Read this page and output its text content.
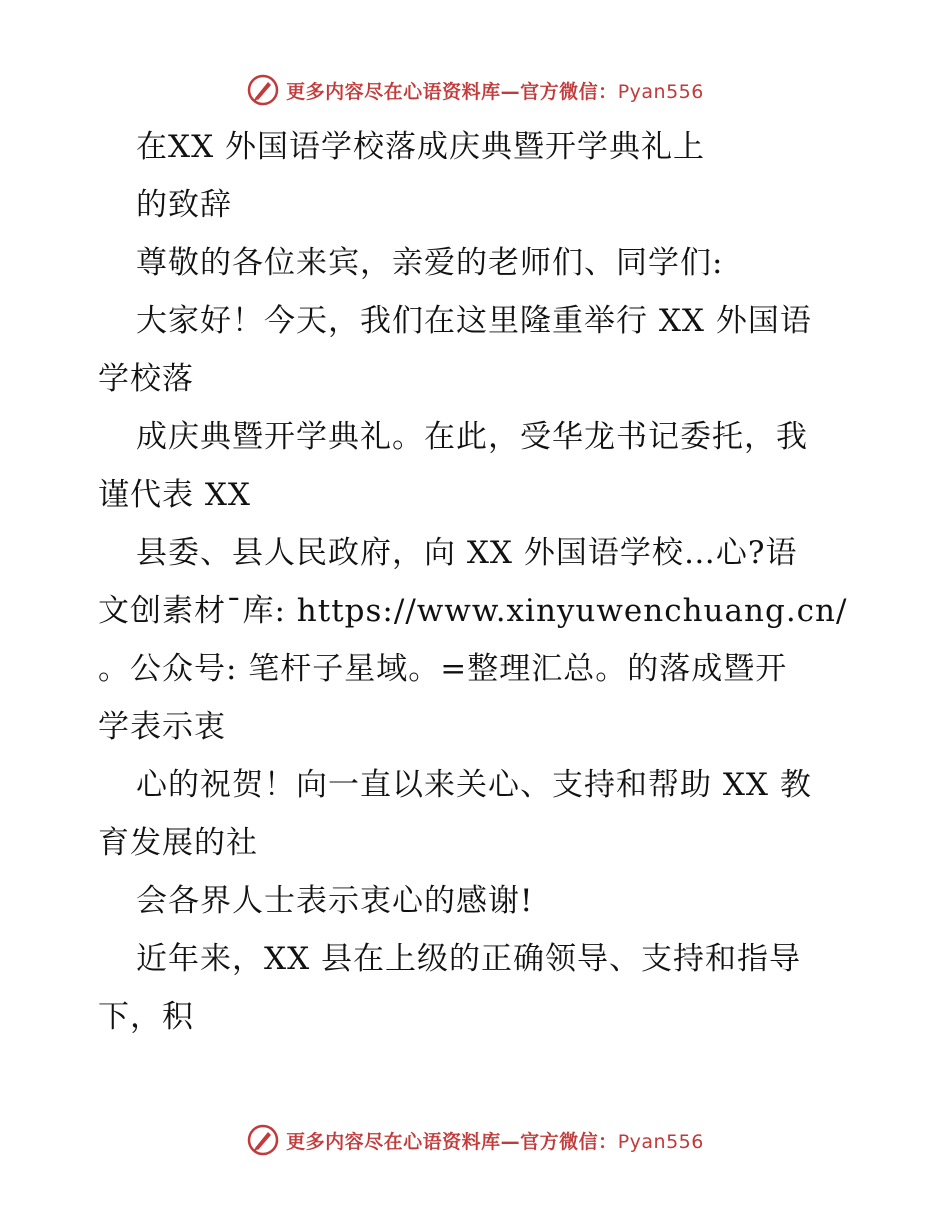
更多内容尽在心语资料库—官方微信：Pyan556
在XX 外国语学校落成庆典暨开学典礼上
的致辞
尊敬的各位来宾，亲爱的老师们、同学们:
大家好！今天，我们在这里隆重举行 XX 外国语
学校落
成庆典暨开学典礼。在此，受华龙书记委托，我
谨代表 XX
县委、县人民政府，向 XX 外国语学校…心?语
文创素材¯库: https://www.xinyuwenchuang.cn/
。公众号: 笔杆子星域。=整理汇总。的落成暨开
学表示衷
心的祝贺！向一直以来关心、支持和帮助 XX 教
育发展的社
会各界人士表示衷心的感谢!
近年来，XX 县在上级的正确领导、支持和指导
下，积
更多内容尽在心语资料库—官方微信：Pyan556
